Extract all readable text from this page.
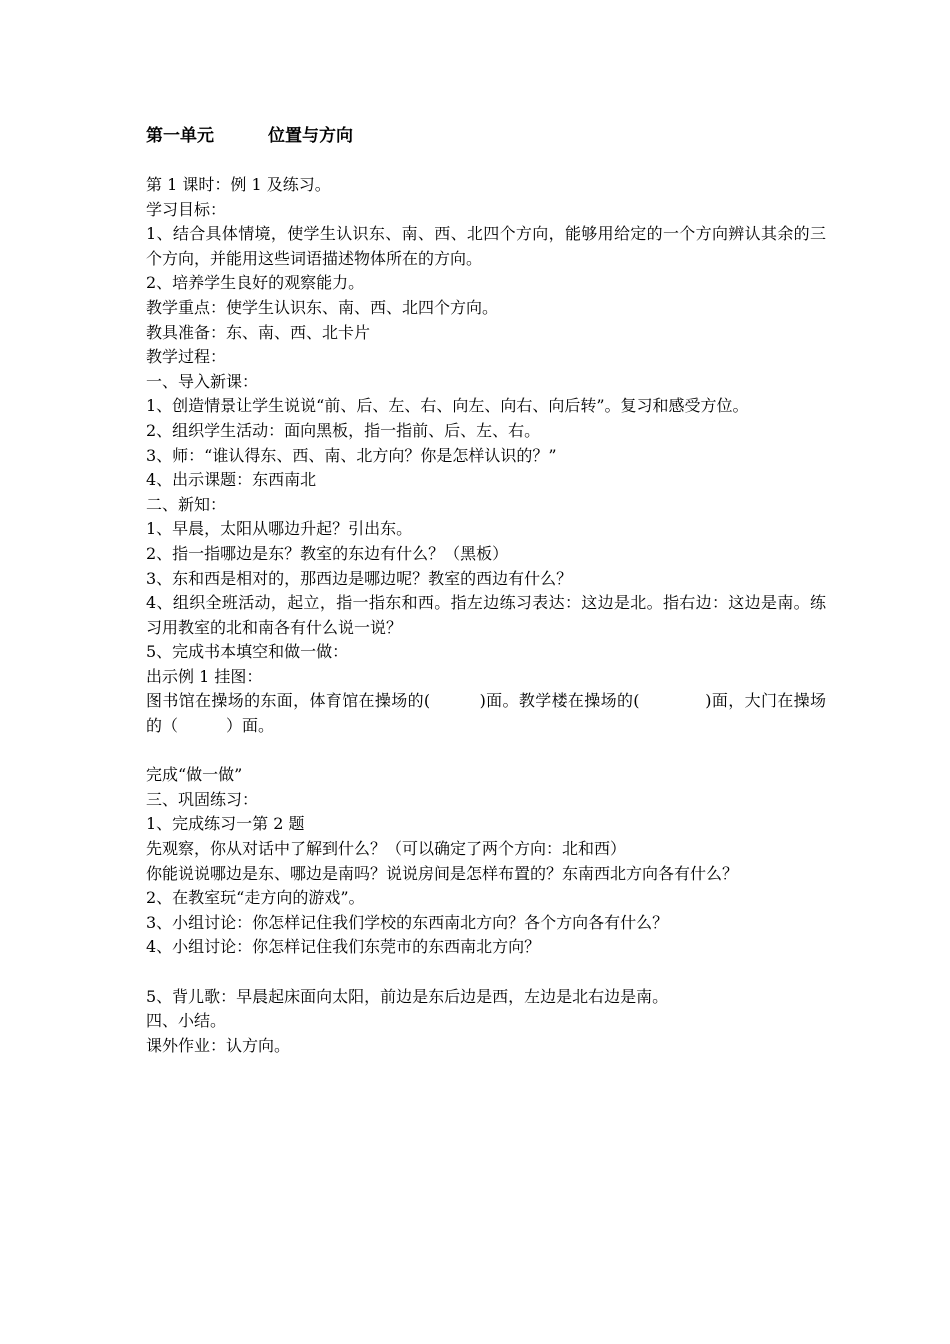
第一单元	位置与方向
第 1 课时：例 1 及练习。
学习目标：
1、结合具体情境，使学生认识东、南、西、北四个方向，能够用给定的一个方向辨认其余的三个方向，并能用这些词语描述物体所在的方向。
2、培养学生良好的观察能力。
教学重点：使学生认识东、南、西、北四个方向。
教具准备：东、南、西、北卡片
教学过程：
一、导入新课：
1、创造情景让学生说说“前、后、左、右、向左、向右、向后转”。复习和感受方位。
2、组织学生活动：面向黑板，指一指前、后、左、右。
3、师：“谁认得东、西、南、北方向？你是怎样认识的？”
4、出示课题：东西南北
二、新知：
1、早晨，太阳从哪边升起？引出东。
2、指一指哪边是东？教室的东边有什么？（黑板）
3、东和西是相对的，那西边是哪边呢？教室的西边有什么？
4、组织全班活动，起立，指一指东和西。指左边练习表达：这边是北。指右边：这边是南。练习用教室的北和南各有什么说一说？
5、完成书本填空和做一做：
出示例 1 挂图：
图书馆在操场的东面，体育馆在操场的(　　　)面。教学楼在操场的(　　　　)面，大门在操场的（　　　）面。
完成“做一做”
三、巩固练习：
1、完成练习一第 2 题
先观察，你从对话中了解到什么？（可以确定了两个方向：北和西）
你能说说哪边是东、哪边是南吗？说说房间是怎样布置的？东南西北方向各有什么？
2、在教室玩“走方向的游戏”。
3、小组讨论：你怎样记住我们学校的东西南北方向？各个方向各有什么？
4、小组讨论：你怎样记住我们东莞市的东西南北方向？
5、背儿歌：早晨起床面向太阳，前边是东后边是西，左边是北右边是南。
四、小结。
课外作业：认方向。
